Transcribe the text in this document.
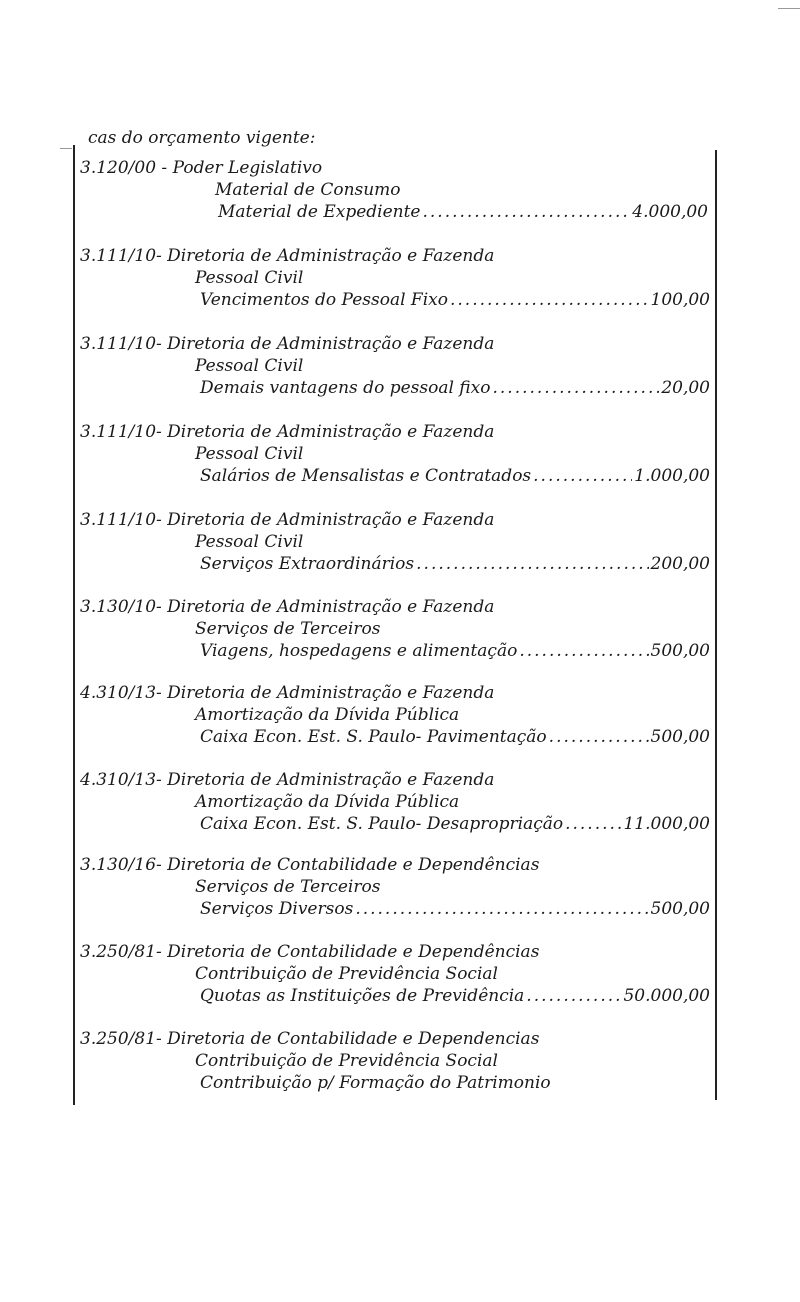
cas do orçamento vigente:
3.120/00 - Poder Legislativo
Material de Consumo
Material de Expediente .....	4.000,00
3.111/10- Diretoria de Administração e Fazenda
Pessoal Civil
Vencimentos do Pessoal Fixo .....	100,00
3.111/10- Diretoria de Administração e Fazenda
Pessoal Civil
Demais vantagens do pessoal fixo .....	20,00
3.111/10- Diretoria de Administração e Fazenda
Pessoal Civil
Salários de Mensalistas e Contratados .....	1.000,00
3.111/10- Diretoria de Administração e Fazenda
Pessoal Civil
Serviços Extraordinários .....	200,00
3.130/10- Diretoria de Administração e Fazenda
Serviços de Terceiros
Viagens, hospedagens e alimentação .....	500,00
4.310/13- Diretoria de Administração e Fazenda
Amortização da Dívida Pública
Caixa Econ. Est. S. Paulo- Pavimentação .....	500,00
4.310/13- Diretoria de Administração e Fazenda
Amortização da Dívida Pública
Caixa Econ. Est. S. Paulo- Desapropriação .....	11.000,00
3.130/16- Diretoria de Contabilidade e Dependências
Serviços de Terceiros
Serviços Diversos .....	500,00
3.250/81- Diretoria de Contabilidade e Dependências
Contribuição de Previdência Social
Quotas as Instituições de Previdência .....	50.000,00
3.250/81- Diretoria de Contabilidade e Dependencias
Contribuição de Previdência Social
Contribuição p/ Formação do Patrimonio
